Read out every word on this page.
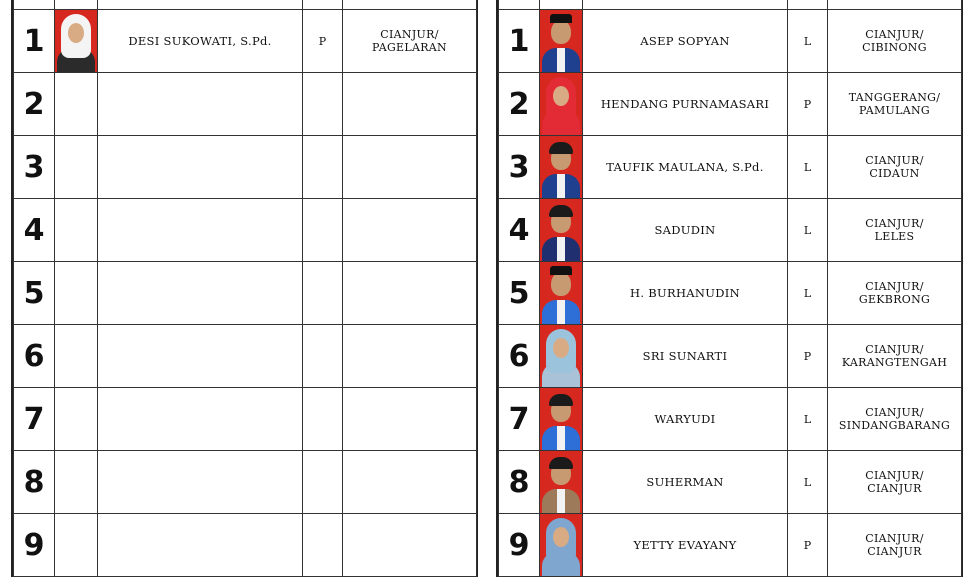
1		DESI SUKOWATI, S.Pd.	P	CIANJUR/
PAGELARAN
2				

3				

4				

5				

6				

7				

8				

9				

1		ASEP SOPYAN	L	CIANJUR/
CIBINONG
2		HENDANG PURNAMASARI	P	TANGGERANG/
PAMULANG
3		TAUFIK MAULANA, S.Pd.	L	CIANJUR/
CIDAUN
4		SADUDIN	L	CIANJUR/
LELES
5		H. BURHANUDIN	L	CIANJUR/
GEKBRONG
6		SRI SUNARTI	P	CIANJUR/
KARANGTENGAH
7		WARYUDI	L	CIANJUR/
SINDANGBARANG
8		SUHERMAN	L	CIANJUR/
CIANJUR
9		YETTY EVAYANY	P	CIANJUR/
CIANJUR
